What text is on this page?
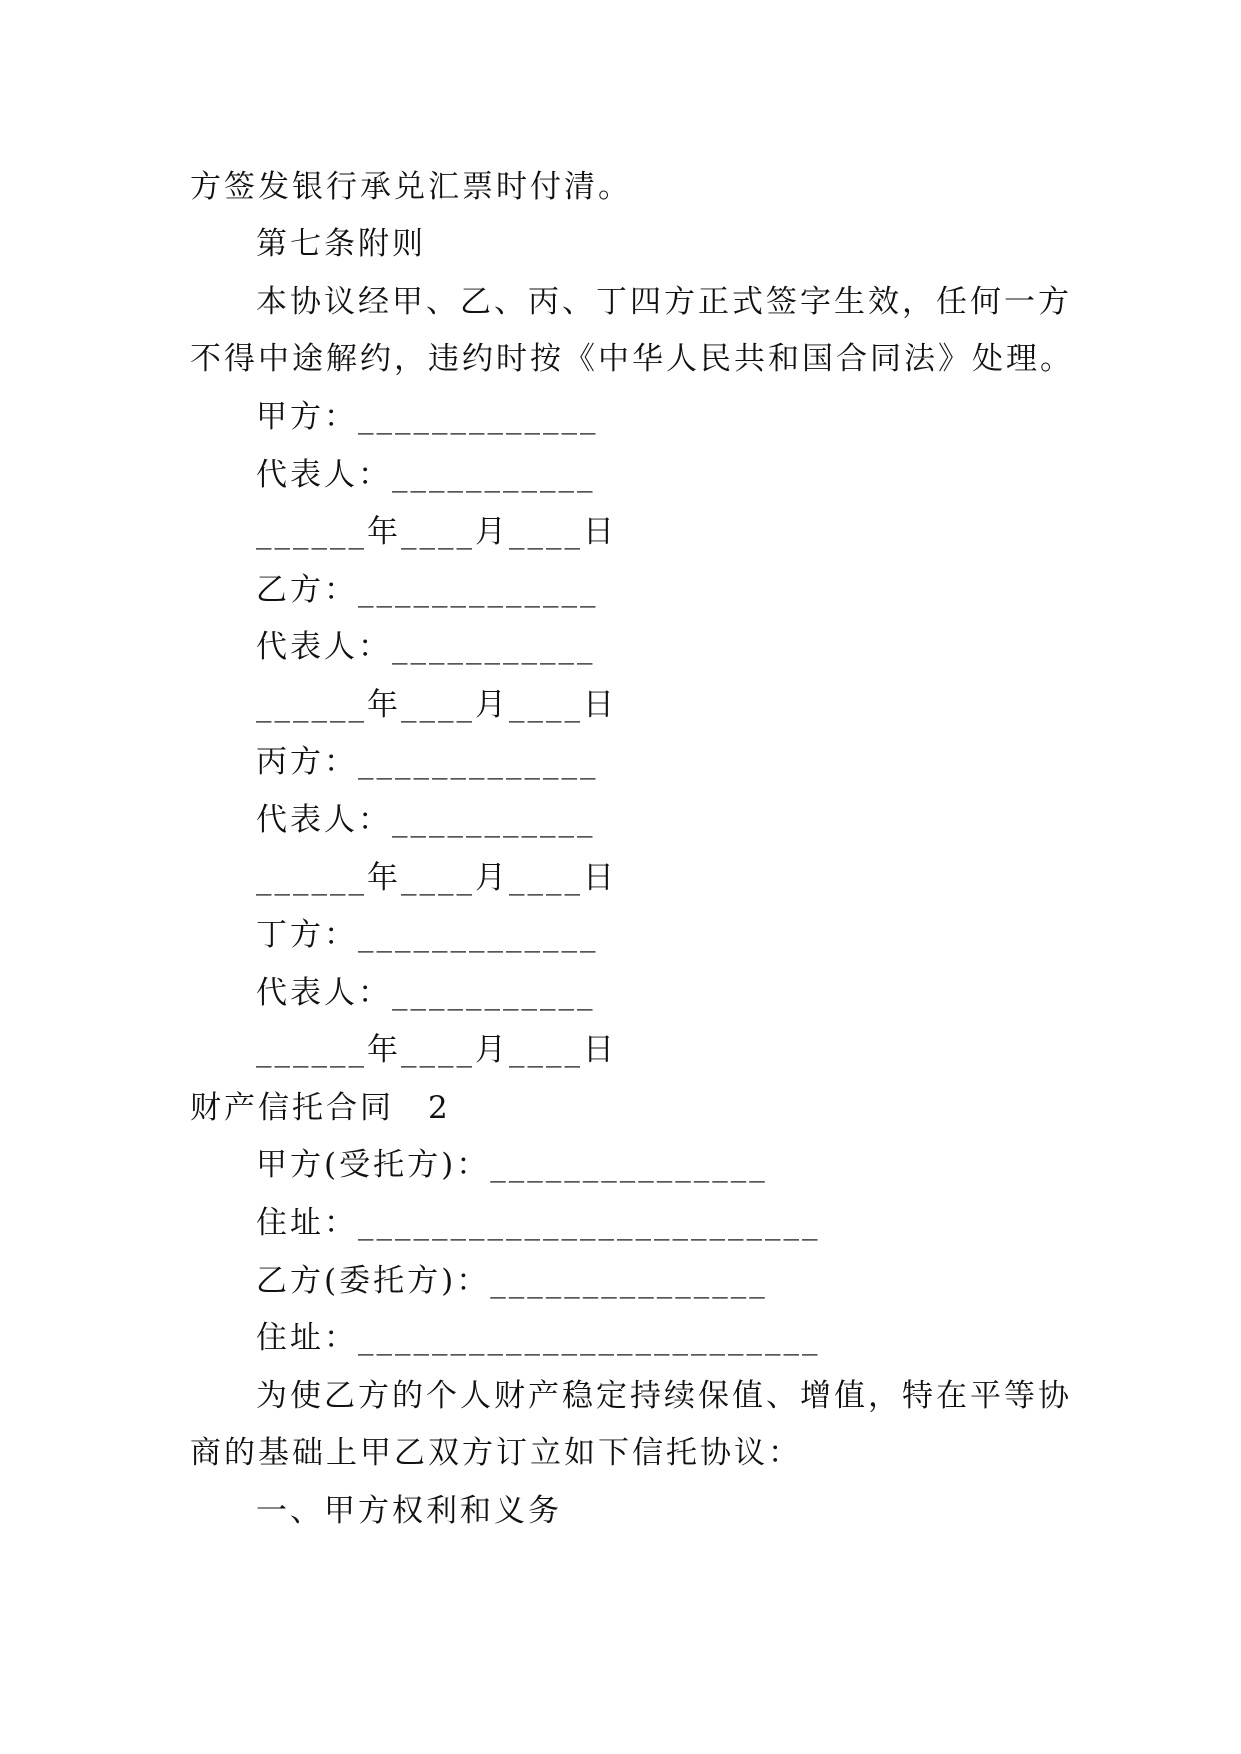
方签发银行承兑汇票时付清。
第七条附则
本协议经甲、乙、丙、丁四方正式签字生效，任何一方
不得中途解约，违约时按《中华人民共和国合同法》处理。
甲方：_____________
代表人：___________
______年____月____日
乙方：_____________
代表人：___________
______年____月____日
丙方：_____________
代表人：___________
______年____月____日
丁方：_____________
代表人：___________
______年____月____日
财产信托合同　2
甲方(受托方)：_______________
住址：_________________________
乙方(委托方)：_______________
住址：_________________________
为使乙方的个人财产稳定持续保值、增值，特在平等协
商的基础上甲乙双方订立如下信托协议：
一、甲方权利和义务
